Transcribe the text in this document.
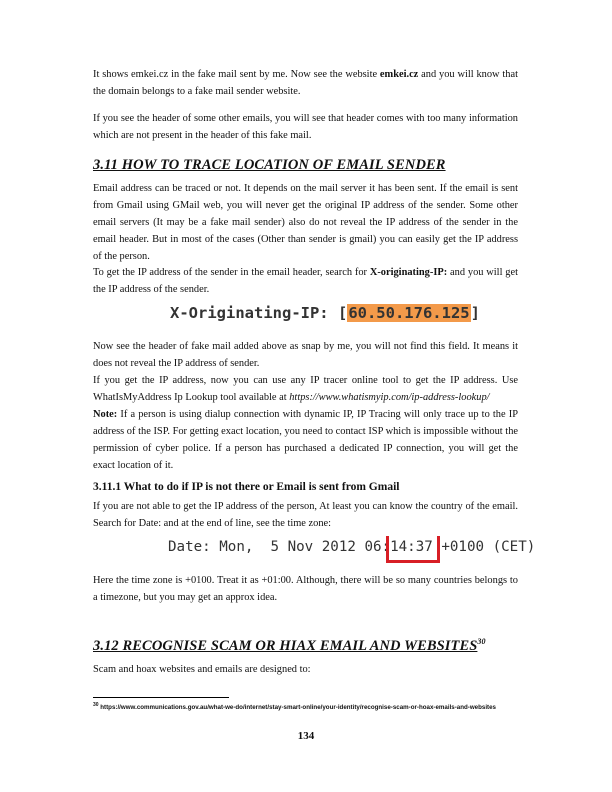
It shows emkei.cz in the fake mail sent by me. Now see the website emkei.cz and you will know that the domain belongs to a fake mail sender website.

If you see the header of some other emails, you will see that header comes with too many information which are not present in the header of this fake mail.

3.11 HOW TO TRACE LOCATION OF EMAIL SENDER

Email address can be traced or not. It depends on the mail server it has been sent. If the email is sent from Gmail using GMail web, you will never get the original IP address of the sender. Some other email servers (It may be a fake mail sender) also do not reveal the IP address of the sender in the email header. But in most of the cases (Other than sender is gmail) you can easily get the IP address of the person.

To get the IP address of the sender in the email header, search for X-originating-IP: and you will get the IP address of the sender.

X-Originating-IP: [60.50.176.125]

Now see the header of fake mail added above as snap by me, you will not find this field. It means it does not reveal the IP address of sender.

If you get the IP address, now you can use any IP tracer online tool to get the IP address. Use WhatIsMyAddress Ip Lookup tool available at https://www.whatismyip.com/ip-address-lookup/

Note: If a person is using dialup connection with dynamic IP, IP Tracing will only trace up to the IP address of the ISP. For getting exact location, you need to contact ISP which is impossible without the permission of cyber police. If a person has purchased a dedicated IP connection, you will get the exact location of it.

3.11.1 What to do if IP is not there or Email is sent from Gmail

If you are not able to get the IP address of the person, At least you can know the country of the email. Search for Date: and at the end of line, see the time zone:

Date: Mon,  5 Nov 2012 06:14:37 +0100 (CET)

Here the time zone is +0100. Treat it as +01:00. Although, there will be so many countries belongs to a timezone, but you may get an approx idea.

3.12 RECOGNISE SCAM OR HIAX EMAIL AND WEBSITES$^{30}$

Scam and hoax websites and emails are designed to:

$^{30}$ https://www.communications.gov.au/what-we-do/internet/stay-smart-online/your-identity/recognise-scam-or-hoax-emails-and-websites

134
